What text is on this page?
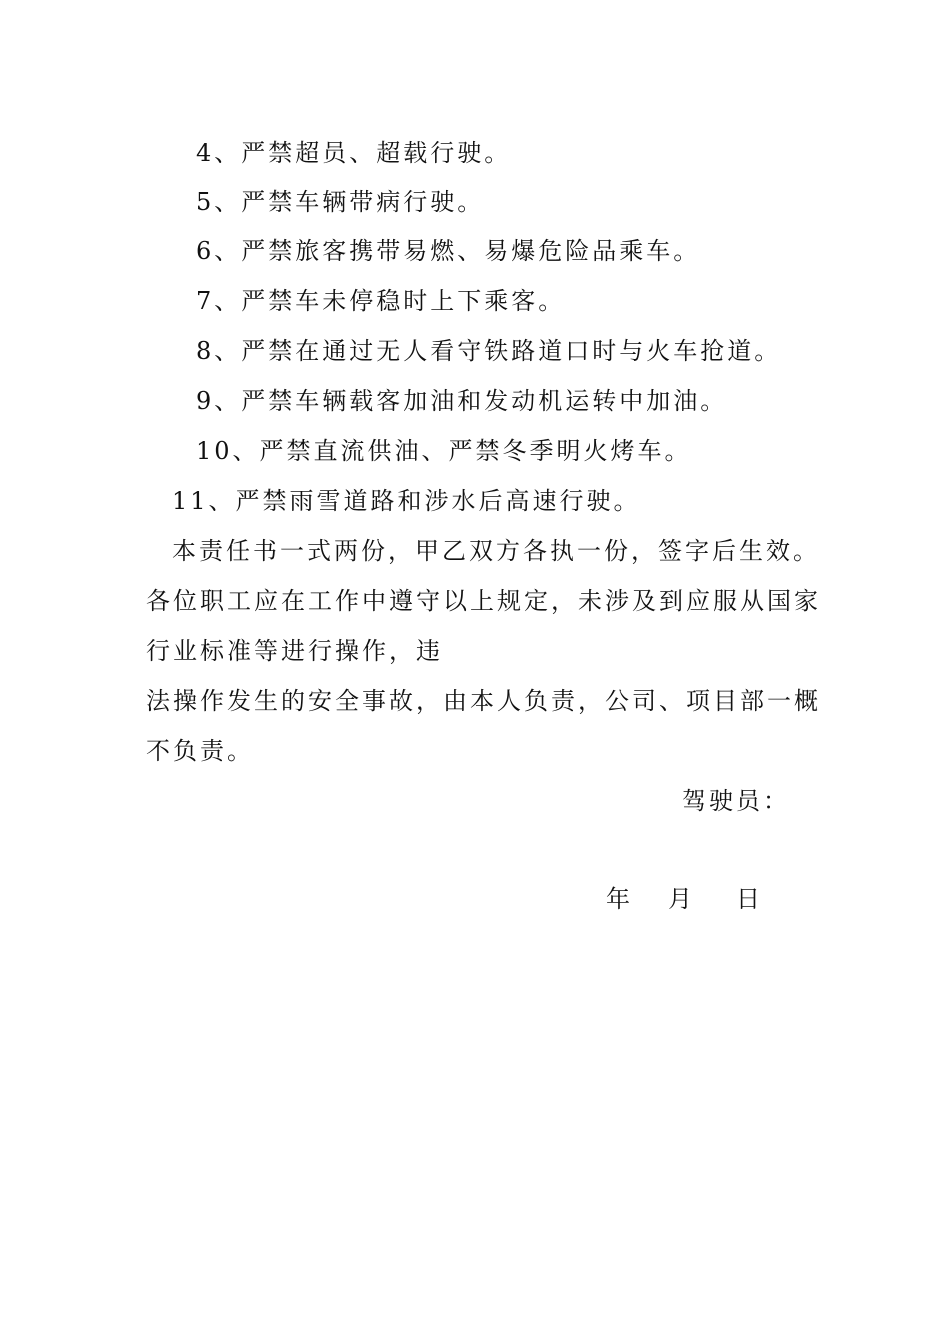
4、严禁超员、超载行驶。
5、严禁车辆带病行驶。
6、严禁旅客携带易燃、易爆危险品乘车。
7、严禁车未停稳时上下乘客。
8、严禁在通过无人看守铁路道口时与火车抢道。
9、严禁车辆载客加油和发动机运转中加油。
10、严禁直流供油、严禁冬季明火烤车。
11、严禁雨雪道路和涉水后高速行驶。
本责任书一式两份，甲乙双方各执一份，签字后生效。
各位职工应在工作中遵守以上规定，未涉及到应服从国家
行业标准等进行操作，违
法操作发生的安全事故，由本人负责，公司、项目部一概
不负责。
驾驶员：
年 月 日
